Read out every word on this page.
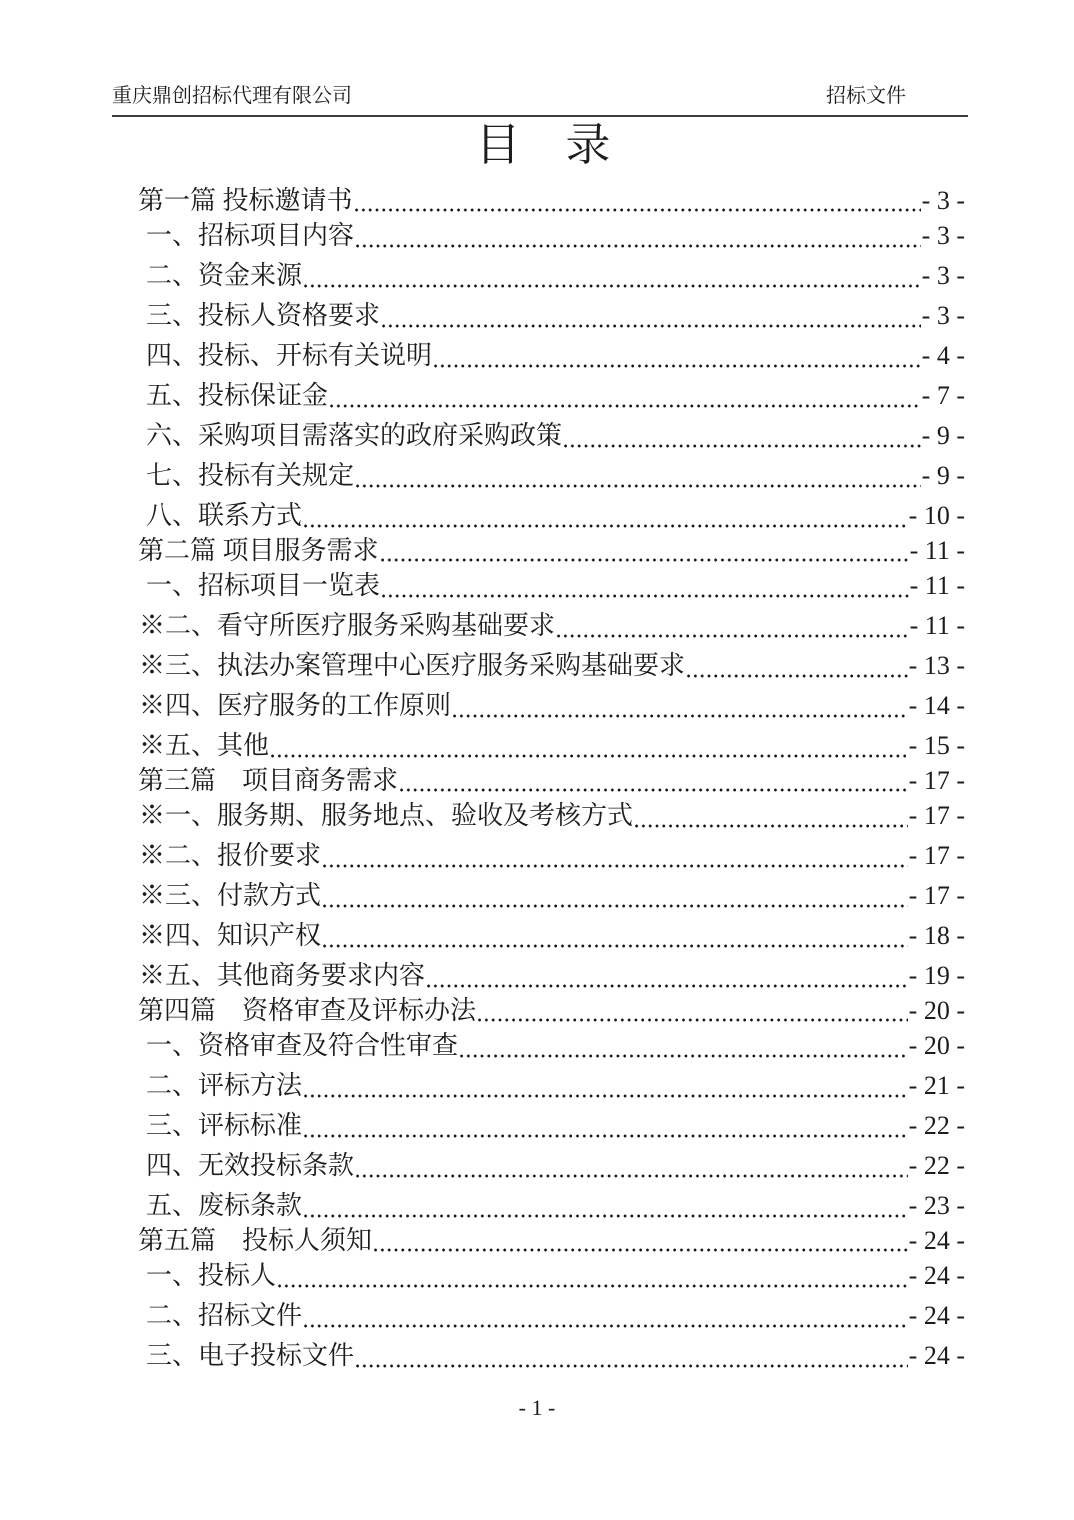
重庆鼎创招标代理有限公司	招标文件
目　录
第一篇 投标邀请书	- 3 -
一、招标项目内容	- 3 -
二、资金来源	- 3 -
三、投标人资格要求	- 3 -
四、投标、开标有关说明	- 4 -
五、投标保证金	- 7 -
六、采购项目需落实的政府采购政策	- 9 -
七、投标有关规定	- 9 -
八、联系方式	- 10 -
第二篇 项目服务需求	- 11 -
一、招标项目一览表	- 11 -
※二、看守所医疗服务采购基础要求	- 11 -
※三、执法办案管理中心医疗服务采购基础要求	- 13 -
※四、医疗服务的工作原则	- 14 -
※五、其他	- 15 -
第三篇　项目商务需求	- 17 -
※一、服务期、服务地点、验收及考核方式	- 17 -
※二、报价要求	- 17 -
※三、付款方式	- 17 -
※四、知识产权	- 18 -
※五、其他商务要求内容	- 19 -
第四篇　资格审查及评标办法	- 20 -
一、资格审查及符合性审查	- 20 -
二、评标方法	- 21 -
三、评标标准	- 22 -
四、无效投标条款	- 22 -
五、废标条款	- 23 -
第五篇　投标人须知	- 24 -
一、投标人	- 24 -
二、招标文件	- 24 -
三、电子投标文件	- 24 -
- 1 -
